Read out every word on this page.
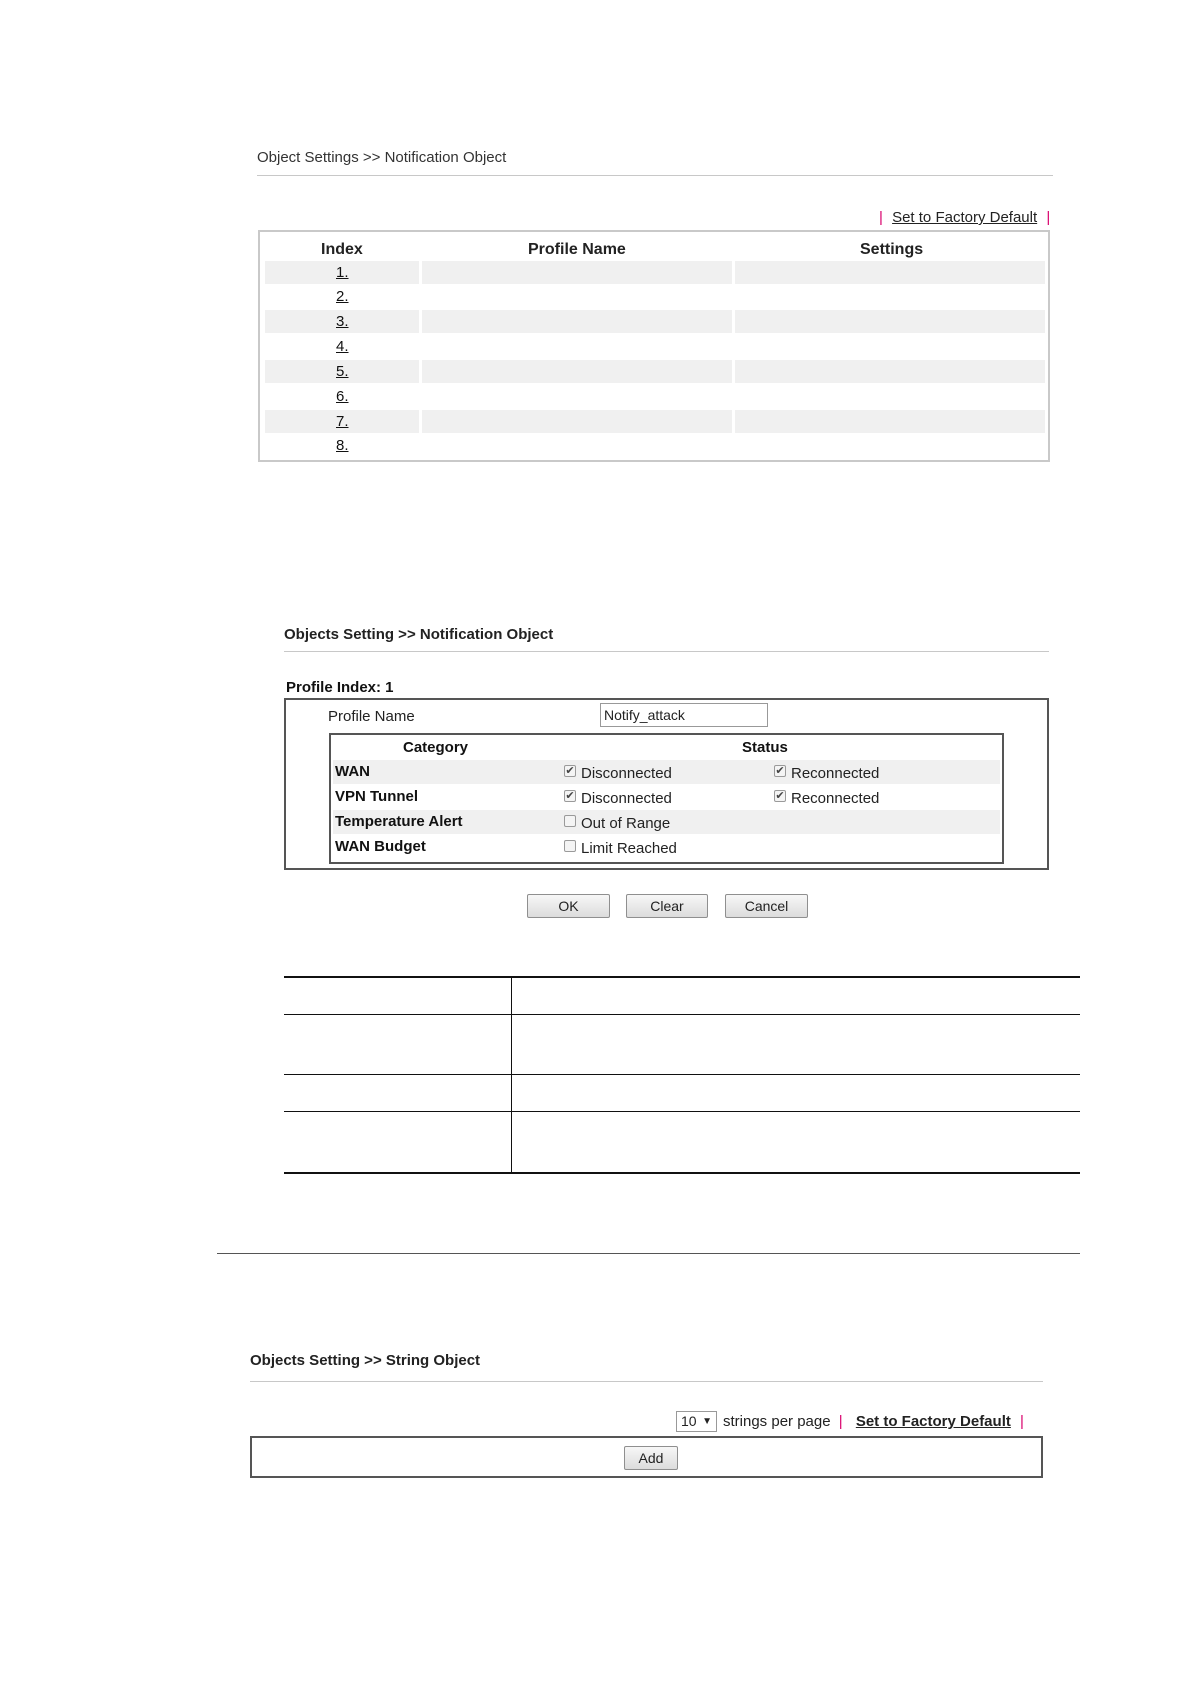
Object Settings >> Notification Object
| Set to Factory Default |
Index	Profile Name	Settings
1.
2.
3.
4.
5.
6.
7.
8.
Objects Setting >> Notification Object
Profile Index: 1
Profile Name
Notify_attack
Category	Status
WAN	✔ Disconnected	✔ Reconnected
VPN Tunnel	✔ Disconnected	✔ Reconnected
Temperature Alert	Out of Range
WAN Budget	Limit Reached
OK	Clear	Cancel
Objects Setting >> String Object
10 ▼ strings per page | Set to Factory Default |
Add
